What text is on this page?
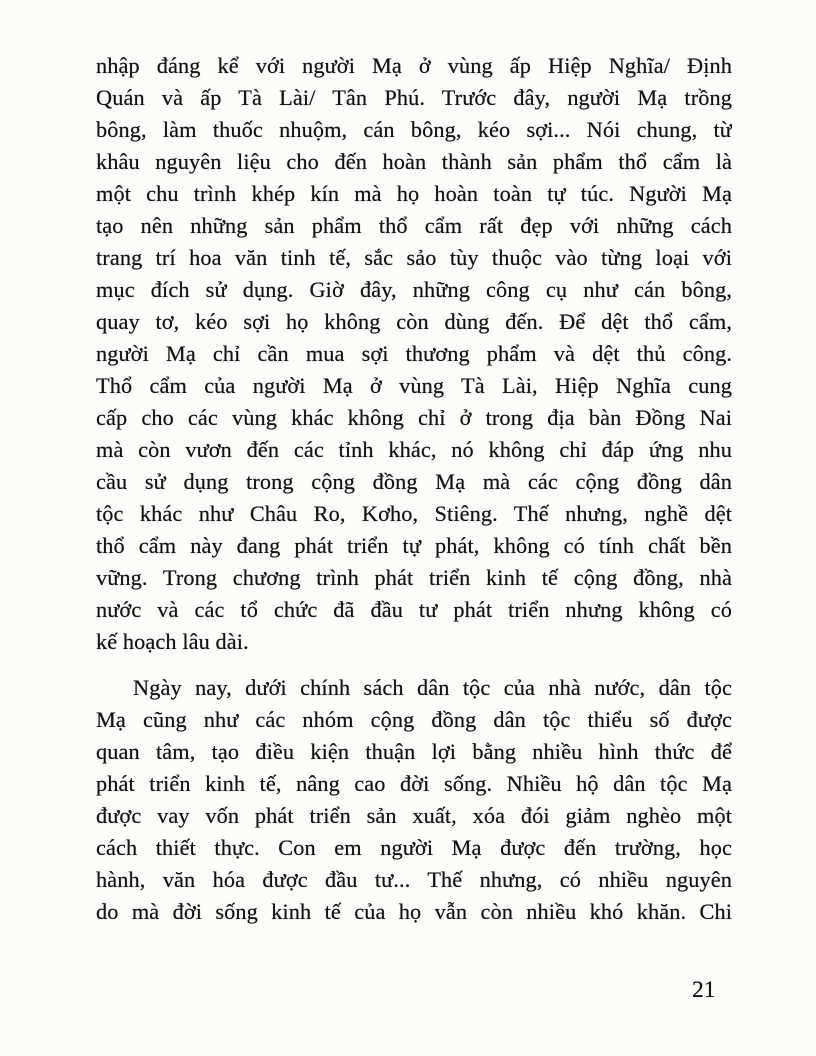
nhập đáng kể với người Mạ ở vùng ấp Hiệp Nghĩa/ Định
Quán và ấp Tà Lài/ Tân Phú. Trước đây, người Mạ trồng
bông, làm thuốc nhuộm, cán bông, kéo sợi... Nói chung, từ
khâu nguyên liệu cho đến hoàn thành sản phẩm thổ cẩm là
một chu trình khép kín mà họ hoàn toàn tự túc. Người Mạ
tạo nên những sản phẩm thổ cẩm rất đẹp với những cách
trang trí hoa văn tinh tế, sắc sảo tùy thuộc vào từng loại với
mục đích sử dụng. Giờ đây, những công cụ như cán bông,
quay tơ, kéo sợi họ không còn dùng đến. Để dệt thổ cẩm,
người Mạ chỉ cần mua sợi thương phẩm và dệt thủ công.
Thổ cẩm của người Mạ ở vùng Tà Lài, Hiệp Nghĩa cung
cấp cho các vùng khác không chỉ ở trong địa bàn Đồng Nai
mà còn vươn đến các tỉnh khác, nó không chỉ đáp ứng nhu
cầu sử dụng trong cộng đồng Mạ mà các cộng đồng dân
tộc khác như Châu Ro, Kơho, Stiêng. Thế nhưng, nghề dệt
thổ cẩm này đang phát triển tự phát, không có tính chất bền
vững. Trong chương trình phát triển kinh tế cộng đồng, nhà
nước và các tổ chức đã đầu tư phát triển nhưng không có
kế hoạch lâu dài.
Ngày nay, dưới chính sách dân tộc của nhà nước, dân tộc
Mạ cũng như các nhóm cộng đồng dân tộc thiểu số được
quan tâm, tạo điều kiện thuận lợi bằng nhiều hình thức để
phát triển kinh tế, nâng cao đời sống. Nhiều hộ dân tộc Mạ
được vay vốn phát triển sản xuất, xóa đói giảm nghèo một
cách thiết thực. Con em người Mạ được đến trường, học
hành, văn hóa được đầu tư... Thế nhưng, có nhiều nguyên
do mà đời sống kinh tế của họ vẫn còn nhiều khó khăn. Chi
21
